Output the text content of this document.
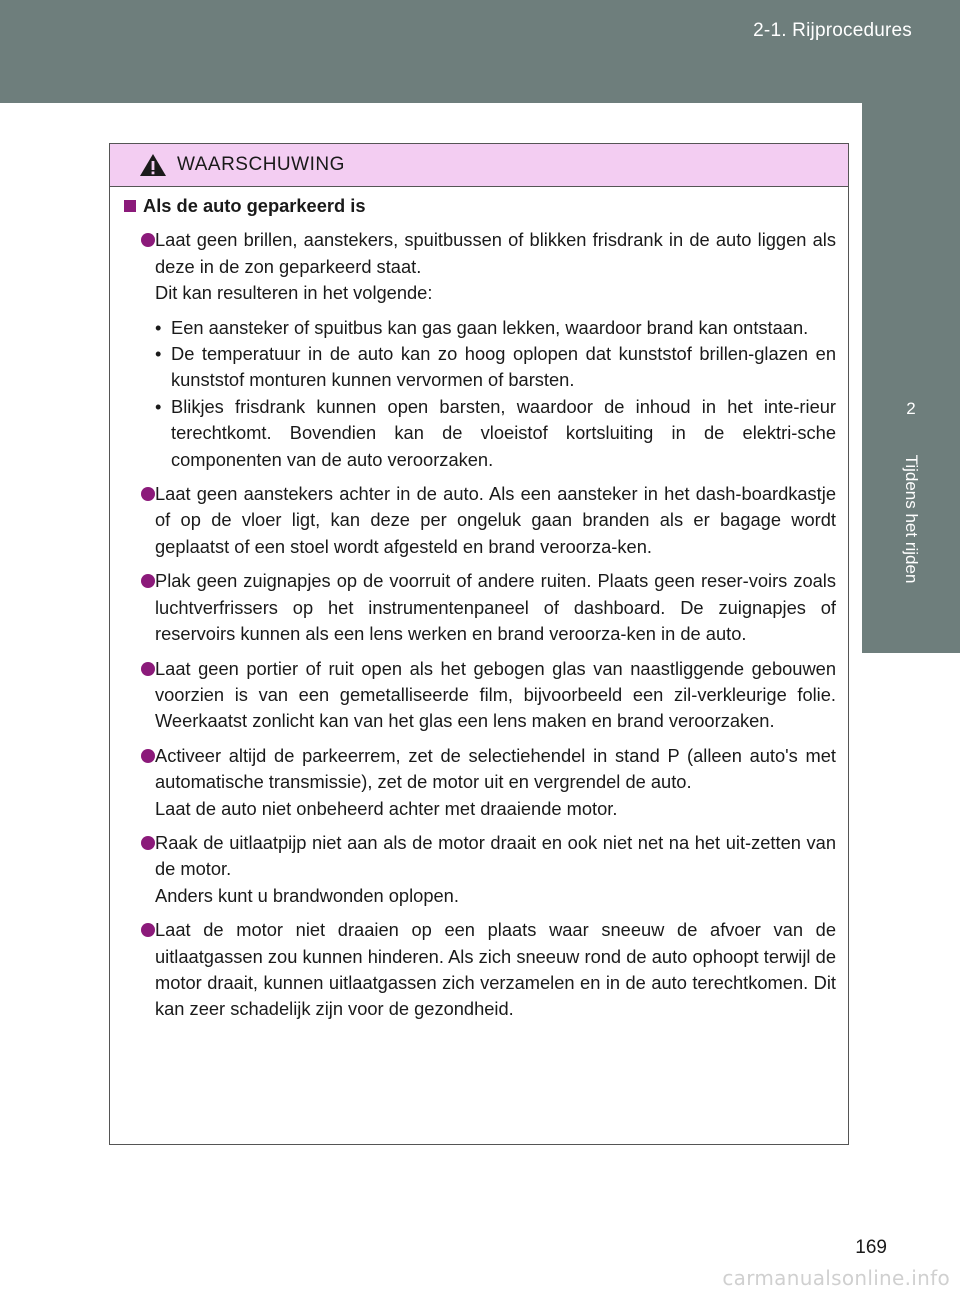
2-1. Rijprocedures
2
Tijdens het rijden
WAARSCHUWING
Als de auto geparkeerd is

Laat geen brillen, aanstekers, spuitbussen of blikken frisdrank in de auto liggen als deze in de zon geparkeerd staat.

Dit kan resulteren in het volgende:

• Een aansteker of spuitbus kan gas gaan lekken, waardoor brand kan ontstaan.
• De temperatuur in de auto kan zo hoog oplopen dat kunststof brillen-glazen en kunststof monturen kunnen vervormen of barsten.
• Blikjes frisdrank kunnen open barsten, waardoor de inhoud in het inte-rieur terechtkomt. Bovendien kan de vloeistof kortsluiting in de elektri-sche componenten van de auto veroorzaken.

Laat geen aanstekers achter in de auto. Als een aansteker in het dash-boardkastje of op de vloer ligt, kan deze per ongeluk gaan branden als er bagage wordt geplaatst of een stoel wordt afgesteld en brand veroorza-ken.

Plak geen zuignapjes op de voorruit of andere ruiten. Plaats geen reser-voirs zoals luchtverfrissers op het instrumentenpaneel of dashboard. De zuignapjes of reservoirs kunnen als een lens werken en brand veroorza-ken in de auto.

Laat geen portier of ruit open als het gebogen glas van naastliggende gebouwen voorzien is van een gemetalliseerde film, bijvoorbeeld een zil-verkleurige folie. Weerkaatst zonlicht kan van het glas een lens maken en brand veroorzaken.

Activeer altijd de parkeerrem, zet de selectiehendel in stand P (alleen auto's met automatische transmissie), zet de motor uit en vergrendel de auto.

Laat de auto niet onbeheerd achter met draaiende motor.

Raak de uitlaatpijp niet aan als de motor draait en ook niet net na het uit-zetten van de motor.

Anders kunt u brandwonden oplopen.

Laat de motor niet draaien op een plaats waar sneeuw de afvoer van de uitlaatgassen zou kunnen hinderen. Als zich sneeuw rond de auto ophoopt terwijl de motor draait, kunnen uitlaatgassen zich verzamelen en in de auto terechtkomen. Dit kan zeer schadelijk zijn voor de gezondheid.

169
carmanualsonline.info
